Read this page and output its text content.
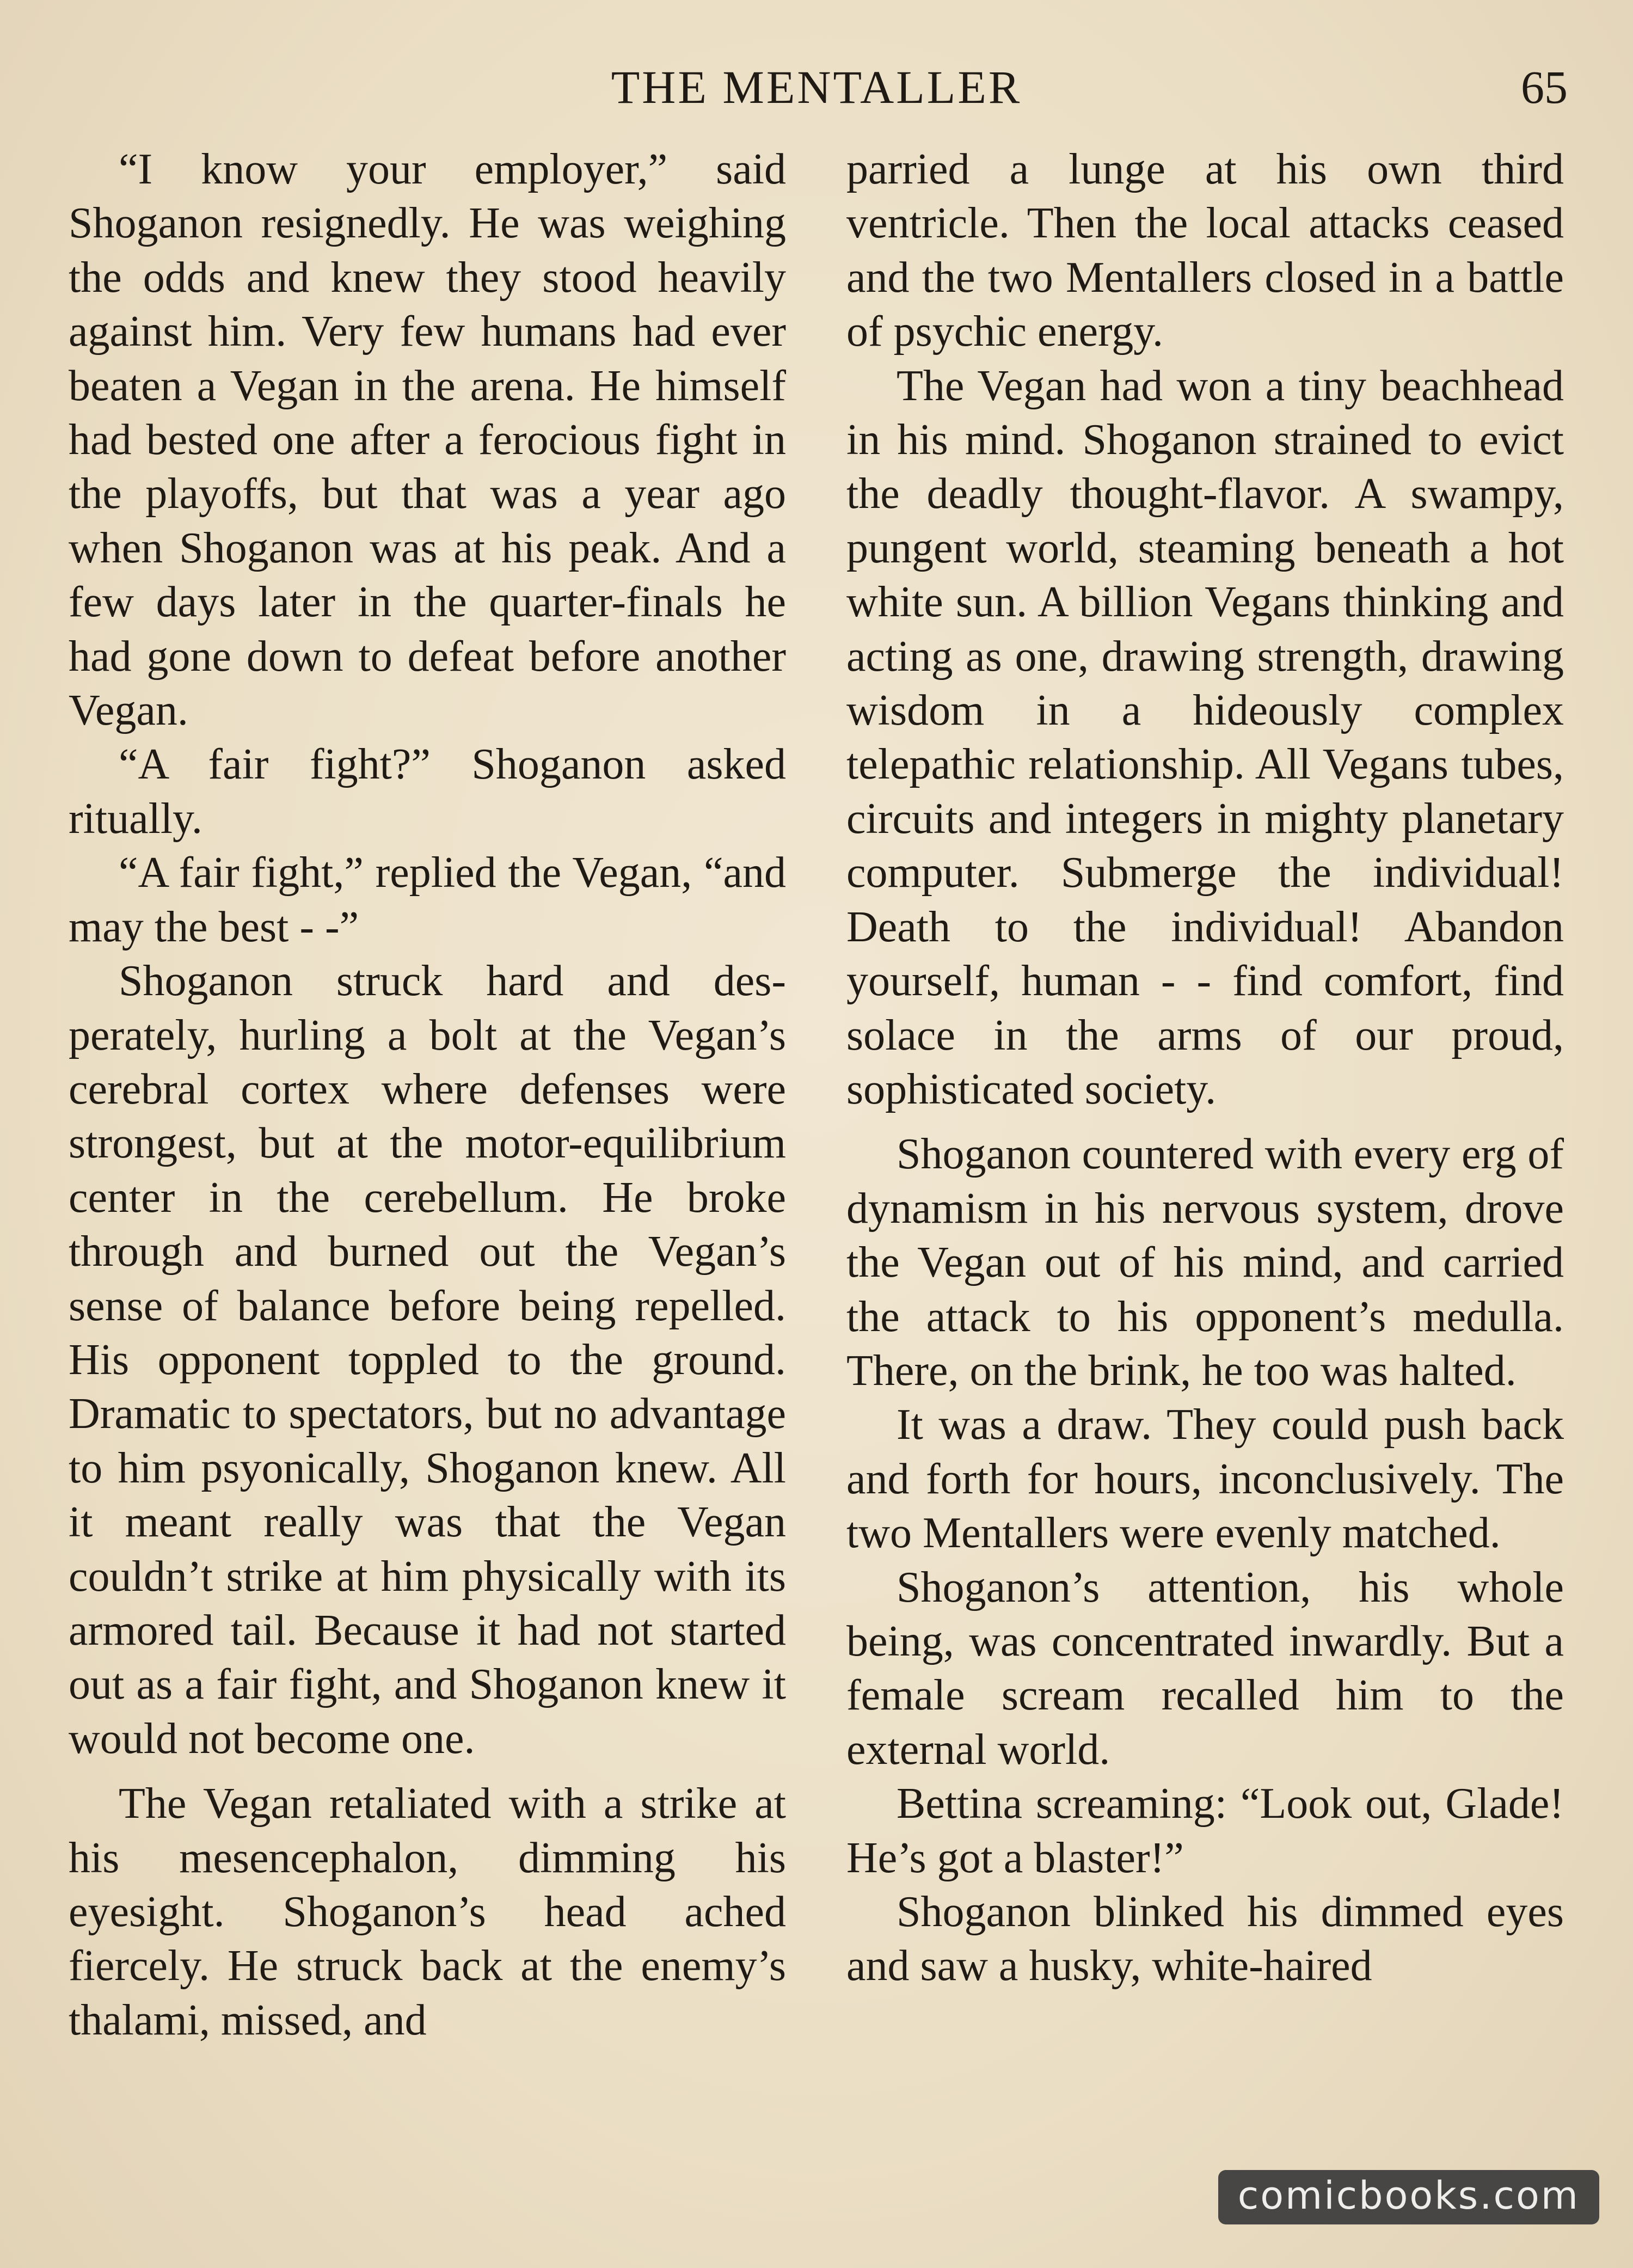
THE MENTALLER	65

“I know your employer,” said Shoganon resignedly. He was weighing the odds and knew they stood heavily against him. Very few humans had ever beaten a Vegan in the arena. He himself had bested one after a ferocious fight in the playoffs, but that was a year ago when Shoganon was at his peak. And a few days later in the quarter-finals he had gone down to defeat before another Vegan.

“A fair fight?” Shoganon asked ritually.

“A fair fight,” replied the Vegan, “and may the best - -”

Shoganon struck hard and desperately, hurling a bolt at the Vegan’s cerebral cortex where defenses were strongest, but at the motor-equilibrium center in the cerebellum. He broke through and burned out the Vegan’s sense of balance before being repelled. His opponent toppled to the ground. Dramatic to spectators, but no advantage to him psyonically, Shoganon knew. All it meant really was that the Vegan couldn’t strike at him physically with its armored tail. Because it had not started out as a fair fight, and Shoganon knew it would not become one.

The Vegan retaliated with a strike at his mesencephalon, dimming his eyesight. Shoganon’s head ached fiercely. He struck back at the enemy’s thalami, missed, and

parried a lunge at his own third ventricle. Then the local attacks ceased and the two Mentallers closed in a battle of psychic energy.

The Vegan had won a tiny beachhead in his mind. Shoganon strained to evict the deadly thought-flavor. A swampy, pungent world, steaming beneath a hot white sun. A billion Vegans thinking and acting as one, drawing strength, drawing wisdom in a hideously complex telepathic relationship. All Vegans tubes, circuits and integers in mighty planetary computer. Submerge the individual! Death to the individual! Abandon yourself, human - - find comfort, find solace in the arms of our proud, sophisticated society.

Shoganon countered with every erg of dynamism in his nervous system, drove the Vegan out of his mind, and carried the attack to his opponent’s medulla. There, on the brink, he too was halted.

It was a draw. They could push back and forth for hours, inconclusively. The two Mentallers were evenly matched.

Shoganon’s attention, his whole being, was concentrated inwardly. But a female scream recalled him to the external world.

Bettina screaming: “Look out, Glade! He’s got a blaster!”

Shoganon blinked his dimmed eyes and saw a husky, white-haired

comicbooks.com
